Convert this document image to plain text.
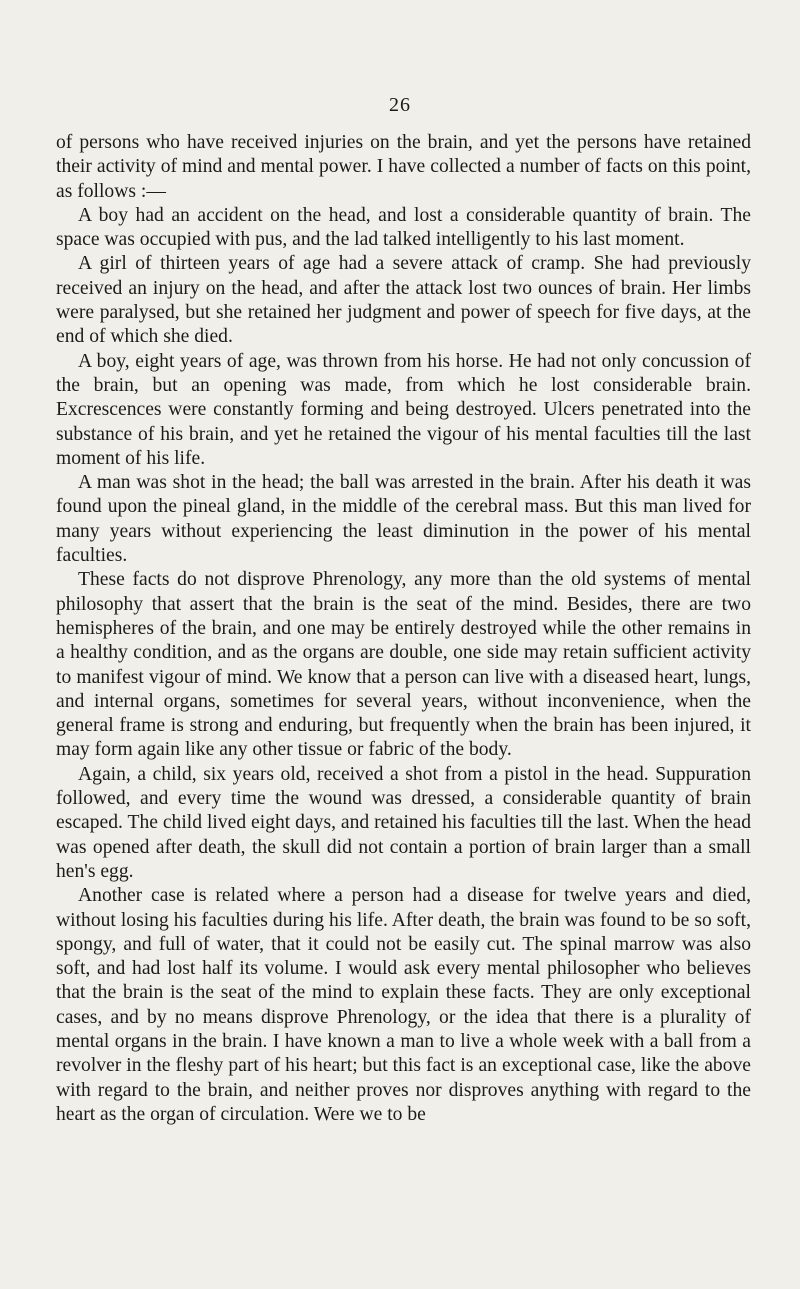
26

of persons who have received injuries on the brain, and yet the persons have retained their activity of mind and mental power. I have collected a number of facts on this point, as follows :—

A boy had an accident on the head, and lost a considerable quantity of brain. The space was occupied with pus, and the lad talked intelligently to his last moment.

A girl of thirteen years of age had a severe attack of cramp. She had previously received an injury on the head, and after the attack lost two ounces of brain. Her limbs were paralysed, but she retained her judgment and power of speech for five days, at the end of which she died.

A boy, eight years of age, was thrown from his horse. He had not only concussion of the brain, but an opening was made, from which he lost considerable brain. Excrescences were constantly forming and being destroyed. Ulcers penetrated into the substance of his brain, and yet he retained the vigour of his mental faculties till the last moment of his life.

A man was shot in the head; the ball was arrested in the brain. After his death it was found upon the pineal gland, in the middle of the cerebral mass. But this man lived for many years without experiencing the least diminution in the power of his mental faculties.

These facts do not disprove Phrenology, any more than the old systems of mental philosophy that assert that the brain is the seat of the mind. Besides, there are two hemispheres of the brain, and one may be entirely destroyed while the other remains in a healthy condition, and as the organs are double, one side may retain sufficient activity to manifest vigour of mind. We know that a person can live with a diseased heart, lungs, and internal organs, sometimes for several years, without inconvenience, when the general frame is strong and enduring, but frequently when the brain has been injured, it may form again like any other tissue or fabric of the body.

Again, a child, six years old, received a shot from a pistol in the head. Suppuration followed, and every time the wound was dressed, a considerable quantity of brain escaped. The child lived eight days, and retained his faculties till the last. When the head was opened after death, the skull did not contain a portion of brain larger than a small hen's egg.

Another case is related where a person had a disease for twelve years and died, without losing his faculties during his life. After death, the brain was found to be so soft, spongy, and full of water, that it could not be easily cut. The spinal marrow was also soft, and had lost half its volume. I would ask every mental philosopher who believes that the brain is the seat of the mind to explain these facts. They are only exceptional cases, and by no means disprove Phrenology, or the idea that there is a plurality of mental organs in the brain. I have known a man to live a whole week with a ball from a revolver in the fleshy part of his heart; but this fact is an exceptional case, like the above with regard to the brain, and neither proves nor disproves anything with regard to the heart as the organ of circulation. Were we to be
